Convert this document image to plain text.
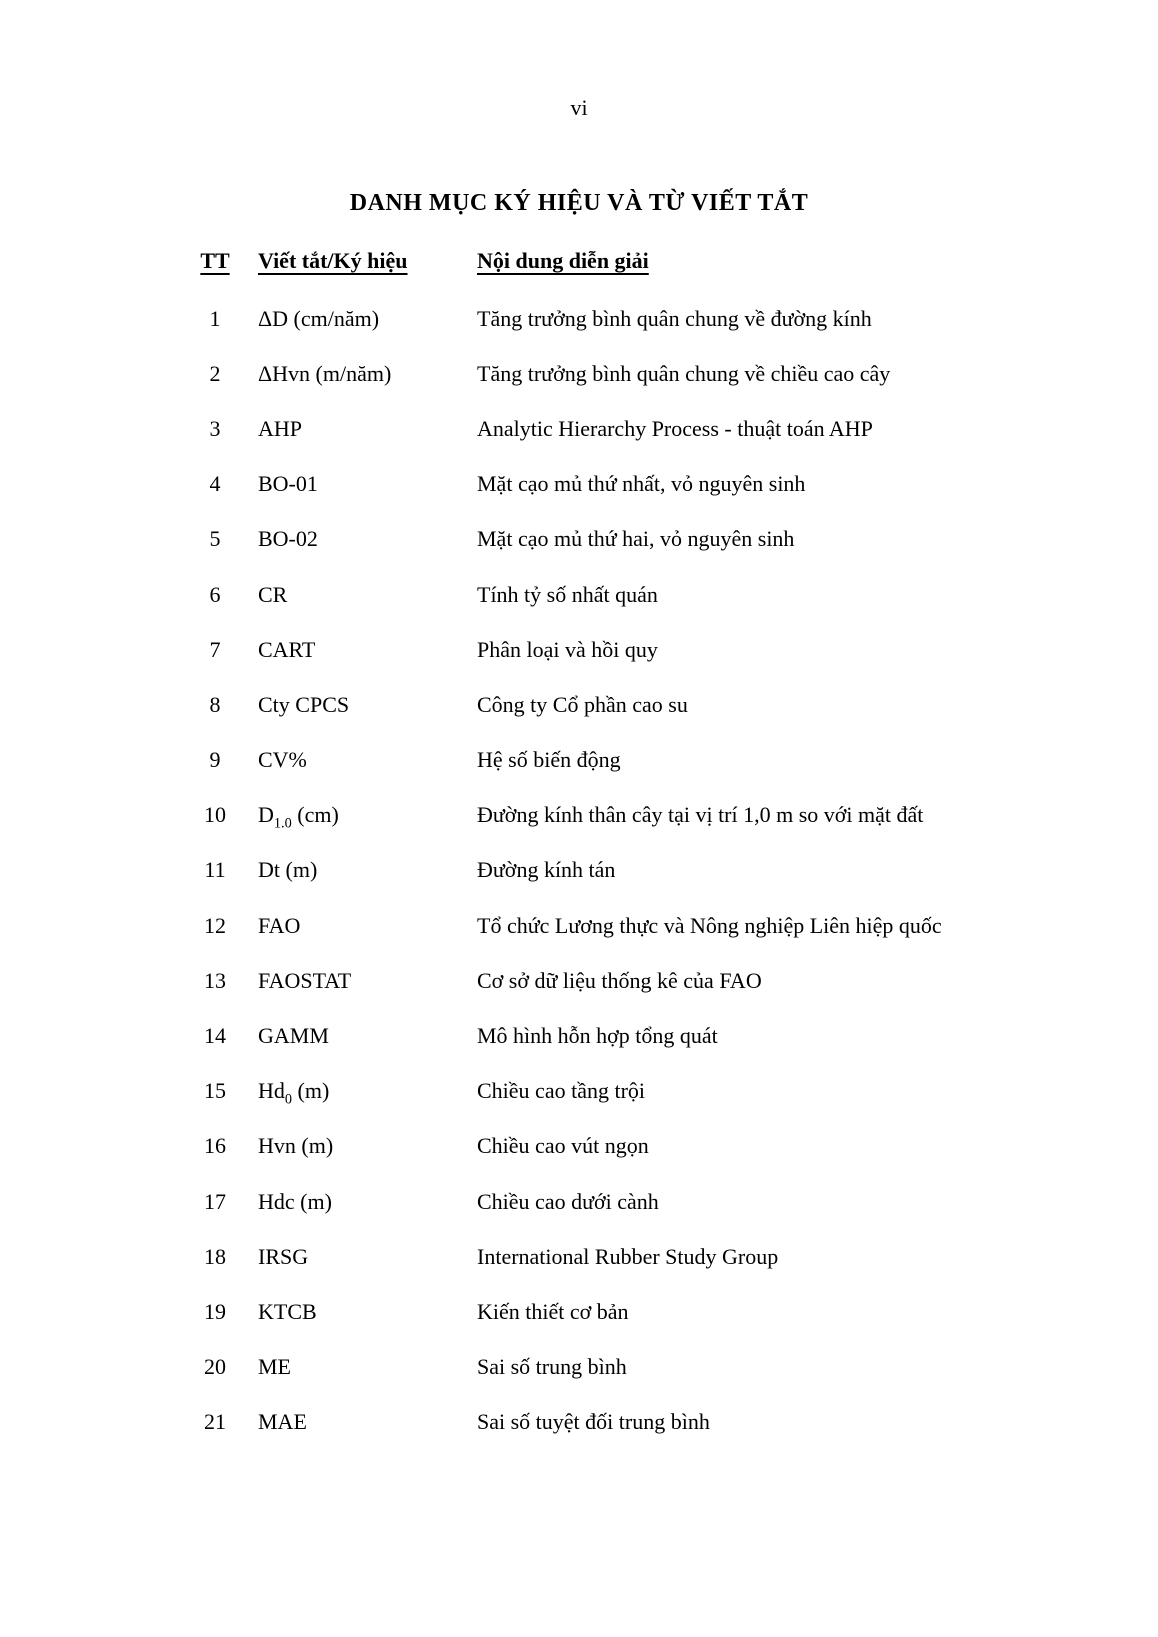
vi
DANH MỤC KÝ HIỆU VÀ TỪ VIẾT TẮT
TT Viết tắt/Ký hiệu	Nội dung diễn giải
1	ΔD (cm/năm)	Tăng trưởng bình quân chung về đường kính
2	ΔHvn (m/năm)	Tăng trưởng bình quân chung về chiều cao cây
3	AHP	Analytic Hierarchy Process - thuật toán AHP
4	BO-01	Mặt cạo mủ thứ nhất, vỏ nguyên sinh
5	BO-02	Mặt cạo mủ thứ hai, vỏ nguyên sinh
6	CR	Tính tỷ số nhất quán
7	CART	Phân loại và hồi quy
8	Cty CPCS	Công ty Cổ phần cao su
9	CV%	Hệ số biến động
10	$D_{1.0}$ (cm)	Đường kính thân cây tại vị trí 1,0 m so với mặt đất
11	Dt (m)	Đường kính tán
12	FAO	Tổ chức Lương thực và Nông nghiệp Liên hiệp quốc
13	FAOSTAT	Cơ sở dữ liệu thống kê của FAO
14	GAMM	Mô hình hỗn hợp tổng quát
15	$Hd_0$ (m)	Chiều cao tầng trội
16	Hvn (m)	Chiều cao vút ngọn
17	Hdc (m)	Chiều cao dưới cành
18	IRSG	International Rubber Study Group
19	KTCB	Kiến thiết cơ bản
20	ME	Sai số trung bình
21	MAE	Sai số tuyệt đối trung bình
